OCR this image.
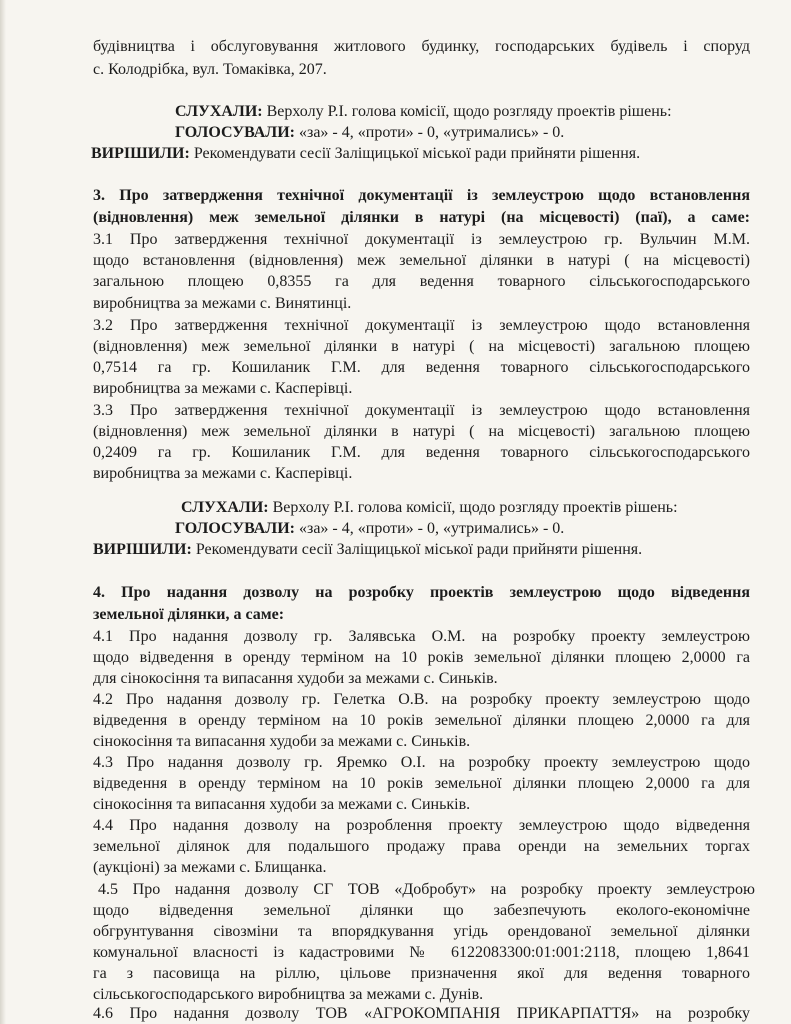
будівництва і обслуговування житлового будинку, господарських будівель і споруд
с. Колодрібка, вул. Томаківка, 207.
СЛУХАЛИ: Верхолу Р.І. голова комісії, щодо розгляду проектів рішень:
ГОЛОСУВАЛИ: «за» - 4, «проти» - 0, «утримались» - 0.
ВИРІШИЛИ: Рекомендувати сесії Заліщицької міської ради прийняти рішення.
3. Про затвердження технічної документації із землеустрою щодо встановлення
(відновлення) меж земельної ділянки в натурі (на місцевості) (паї), а саме:
3.1 Про затвердження технічної документації із землеустрою гр. Вульчин М.М.
щодо встановлення (відновлення) меж земельної ділянки в натурі ( на місцевості)
загальною площею 0,8355 га для ведення товарного сільськогосподарського
виробництва за межами с. Винятинці.
3.2 Про затвердження технічної документації із землеустрою щодо встановлення
(відновлення) меж земельної ділянки в натурі ( на місцевості) загальною площею
0,7514 га гр. Кошиланик Г.М. для ведення товарного сільськогосподарського
виробництва за межами с. Касперівці.
3.3 Про затвердження технічної документації із землеустрою щодо встановлення
(відновлення) меж земельної ділянки в натурі ( на місцевості) загальною площею
0,2409 га гр. Кошиланик Г.М. для ведення товарного сільськогосподарського
виробництва за межами с. Касперівці.
СЛУХАЛИ: Верхолу Р.І. голова комісії, щодо розгляду проектів рішень:
ГОЛОСУВАЛИ: «за» - 4, «проти» - 0, «утримались» - 0.
ВИРІШИЛИ: Рекомендувати сесії Заліщицької міської ради прийняти рішення.
4. Про надання дозволу на розробку проектів землеустрою щодо відведення
земельної ділянки, а саме:
4.1 Про надання дозволу гр. Залявська О.М. на розробку проекту землеустрою
щодо відведення в оренду терміном на 10 років земельної ділянки площею 2,0000 га
для сінокосіння та випасання худоби за межами с. Синьків.
4.2 Про надання дозволу гр. Гелетка О.В. на розробку проекту землеустрою щодо
відведення в оренду терміном на 10 років земельної ділянки площею 2,0000 га для
сінокосіння та випасання худоби за межами с. Синьків.
4.3 Про надання дозволу гр. Яремко О.І. на розробку проекту землеустрою щодо
відведення в оренду терміном на 10 років земельної ділянки площею 2,0000 га для
сінокосіння та випасання худоби за межами с. Синьків.
4.4 Про надання дозволу на розроблення проекту землеустрою щодо відведення
земельної ділянок для подальшого продажу права оренди на земельних торгах
(аукціоні) за межами с. Блищанка.
4.5 Про надання дозволу СГ ТОВ «Добробут» на розробку проекту землеустрою
щодо відведення земельної ділянки що забезпечують еколого-економічне
обгрунтування сівозміни та впорядкування угідь орендованої земельної ділянки
комунальної власності із кадастровими № 6122083300:01:001:2118, площею 1,8641
га з пасовища на ріллю, цільове призначення якої для ведення товарного
сільськогосподарського виробництва за межами с. Дунів.
4.6 Про надання дозволу ТОВ «АГРОКОМПАНІЯ ПРИКАРПАТТЯ» на розробку
